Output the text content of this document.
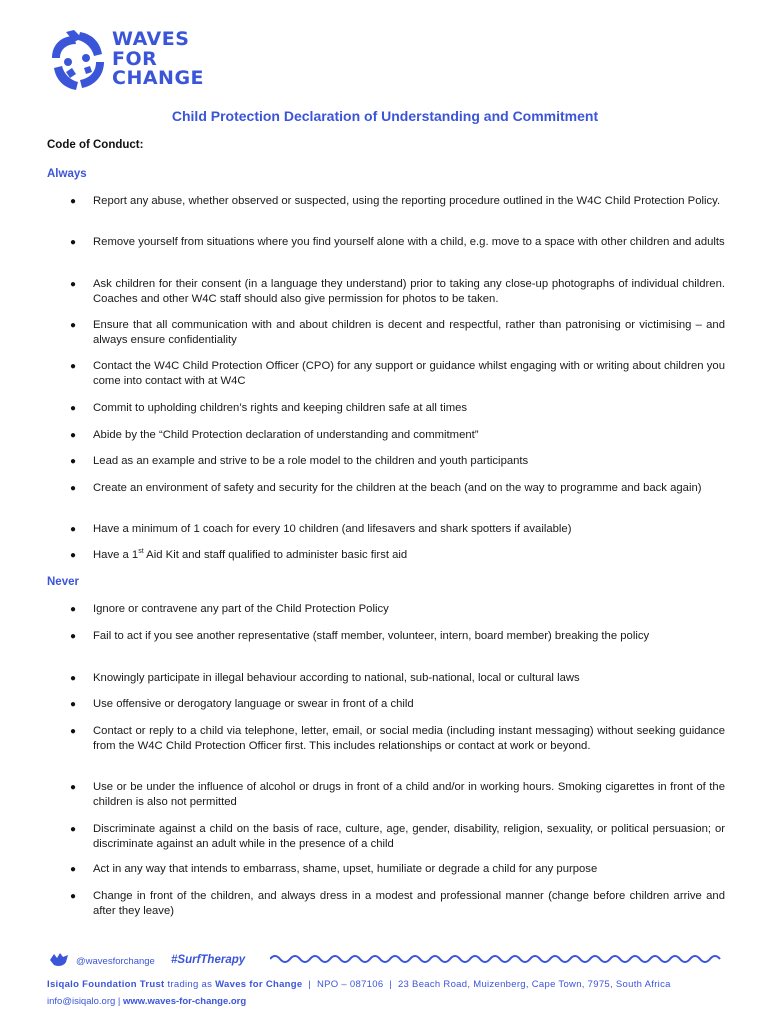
WAVES
FOR
CHANGE
Child Protection Declaration of Understanding and Commitment
Code of Conduct:
Always
● Report any abuse, whether observed or suspected, using the reporting procedure outlined in the W4C Child Protection Policy.
● Remove yourself from situations where you find yourself alone with a child, e.g. move to a space with other children and adults
● Ask children for their consent (in a language they understand) prior to taking any close-up photographs of individual children. Coaches and other W4C staff should also give permission for photos to be taken.
● Ensure that all communication with and about children is decent and respectful, rather than patronising or victimising – and always ensure confidentiality
● Contact the W4C Child Protection Officer (CPO) for any support or guidance whilst engaging with or writing about children you come into contact with at W4C
● Commit to upholding children’s rights and keeping children safe at all times
● Abide by the “Child Protection declaration of understanding and commitment”
● Lead as an example and strive to be a role model to the children and youth participants
● Create an environment of safety and security for the children at the beach (and on the way to programme and back again)
● Have a minimum of 1 coach for every 10 children (and lifesavers and shark spotters if available)
● Have a 1st Aid Kit and staff qualified to administer basic first aid
Never
● Ignore or contravene any part of the Child Protection Policy
● Fail to act if you see another representative (staff member, volunteer, intern, board member) breaking the policy
● Knowingly participate in illegal behaviour according to national, sub-national, local or cultural laws
● Use offensive or derogatory language or swear in front of a child
● Contact or reply to a child via telephone, letter, email, or social media (including instant messaging) without seeking guidance from the W4C Child Protection Officer first. This includes relationships or contact at work or beyond.
● Use or be under the influence of alcohol or drugs in front of a child and/or in working hours. Smoking cigarettes in front of the children is also not permitted
● Discriminate against a child on the basis of race, culture, age, gender, disability, religion, sexuality, or political persuasion; or discriminate against an adult while in the presence of a child
● Act in any way that intends to embarrass, shame, upset, humiliate or degrade a child for any purpose
● Change in front of the children, and always dress in a modest and professional manner (change before children arrive and after they leave)
@wavesforchange #SurfTherapy
Isiqalo Foundation Trust trading as Waves for Change  |  NPO – 087106  |  23 Beach Road, Muizenberg, Cape Town, 7975, South Africa
info@isiqalo.org | www.waves-for-change.org
